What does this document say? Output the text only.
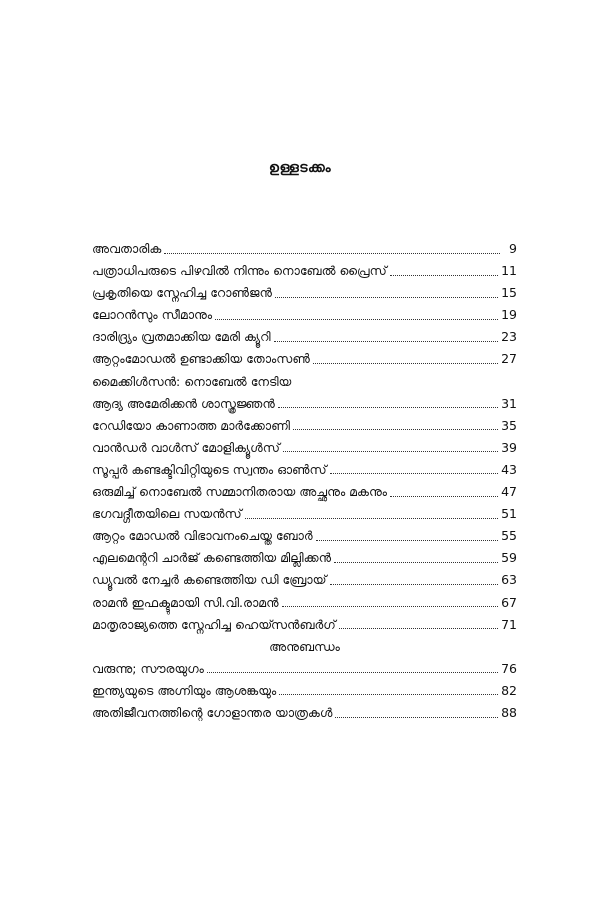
ഉള്ളടക്കം
അവതാരിക	9
പത്രാധിപരുടെ പിഴവിൽ നിന്നും നൊബേൽ പ്രൈസ്	11
പ്രകൃതിയെ സ്നേഹിച്ച റോൺജൻ	15
ലോറൻസും സീമാനും	19
ദാരിദ്ര്യം വ്രതമാക്കിയ മേരി ക്യൂറി	23
ആറ്റംമോഡൽ ഉണ്ടാക്കിയ തോംസൺ	27
മൈക്കിൾസൻ: നൊബേൽ നേടിയ
ആദ്യ അമേരിക്കൻ ശാസ്ത്രജ്ഞൻ	31
റേഡിയോ കാണാത്ത മാർക്കോണി	35
വാൻഡർ വാൾസ് മോളിക്യൂൾസ്	39
സൂപ്പർ കണ്ടക്ടിവിറ്റിയുടെ സ്വന്തം ഓൺസ്	43
ഒരുമിച്ച് നൊബേൽ സമ്മാനിതരായ അച്ഛനും മകനും	47
ഭഗവദ്ഗീതയിലെ സയൻസ്	51
ആറ്റം മോഡൽ വിഭാവനംചെയ്ത ബോർ	55
എലമെന്ററി ചാർജ് കണ്ടെത്തിയ മില്ലിക്കൻ	59
ഡ്യൂവൽ നേച്ചർ കണ്ടെത്തിയ ഡി ബ്രോയ്	63
രാമൻ ഇഫക്ടുമായി സി.വി.രാമൻ	67
മാതൃരാജ്യത്തെ സ്നേഹിച്ച ഹെയ്സൻബർഗ്	71
അനുബന്ധം
വരുന്നു; സൗരയുഗം	76
ഇന്ത്യയുടെ അഗ്നിയും ആശങ്കയും	82
അതിജീവനത്തിന്റെ ഗോളാന്തര യാത്രകൾ	88
